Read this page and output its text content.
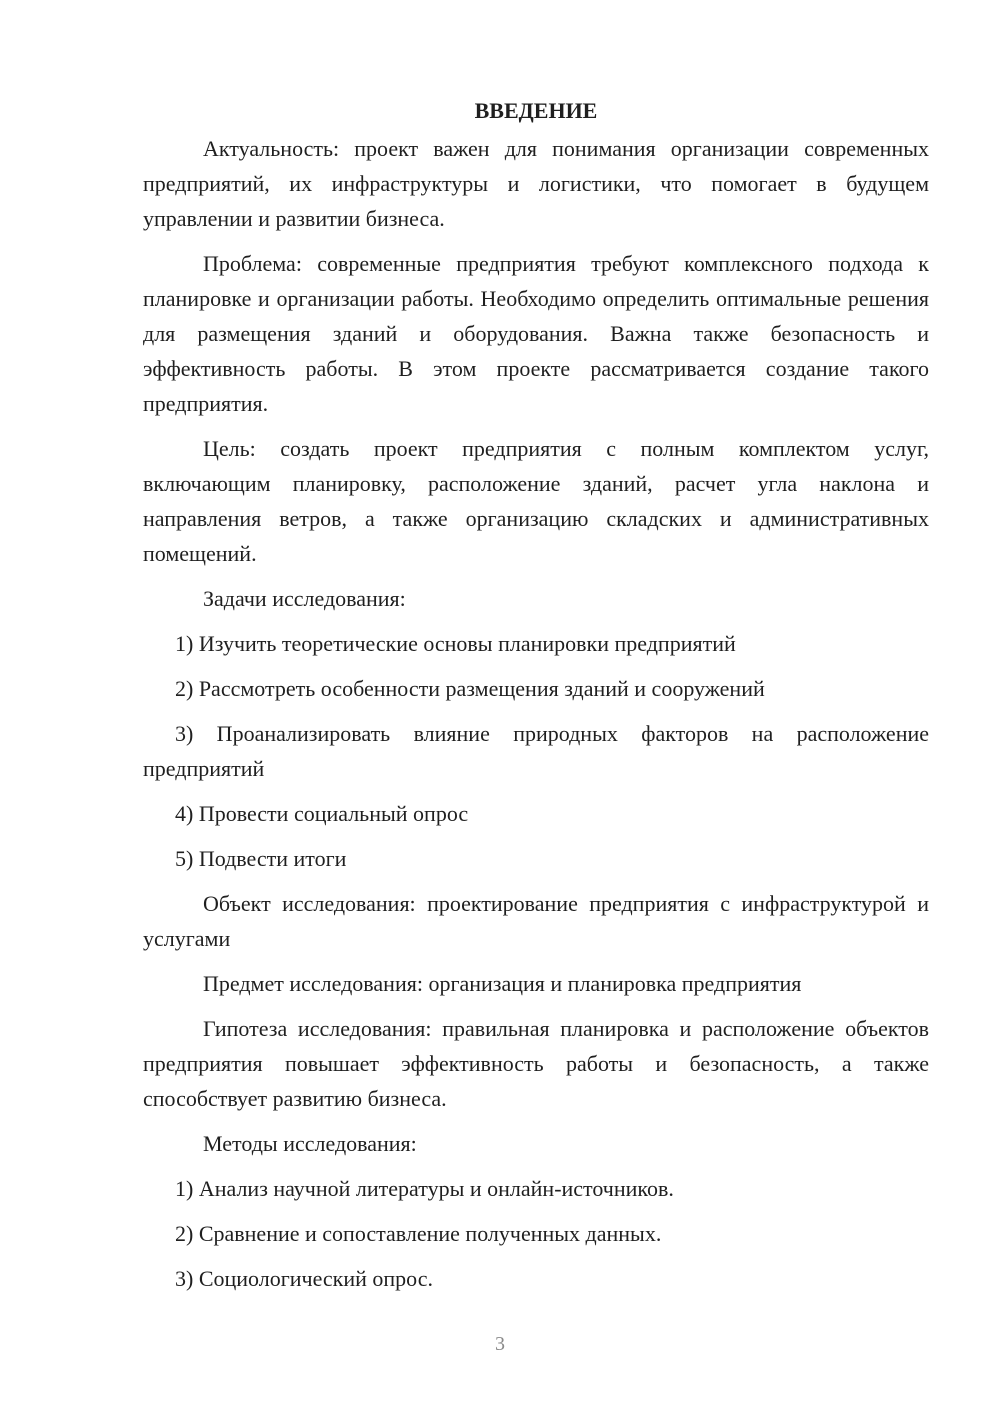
ВВЕДЕНИЕ

Актуальность: проект важен для понимания организации современных предприятий, их инфраструктуры и логистики, что помогает в будущем управлении и развитии бизнеса.

Проблема: современные предприятия требуют комплексного подхода к планировке и организации работы. Необходимо определить оптимальные решения для размещения зданий и оборудования. Важна также безопасность и эффективность работы. В этом проекте рассматривается создание такого предприятия.

Цель: создать проект предприятия с полным комплектом услуг, включающим планировку, расположение зданий, расчет угла наклона и направления ветров, а также организацию складских и административных помещений.

Задачи исследования:

1) Изучить теоретические основы планировки предприятий

2) Рассмотреть особенности размещения зданий и сооружений

3) Проанализировать влияние природных факторов на расположение предприятий

4) Провести социальный опрос

5) Подвести итоги

Объект исследования: проектирование предприятия с инфраструктурой и услугами

Предмет исследования: организация и планировка предприятия

Гипотеза исследования: правильная планировка и расположение объектов предприятия повышает эффективность работы и безопасность, а также способствует развитию бизнеса.

Методы исследования:

1) Анализ научной литературы и онлайн-источников.

2) Сравнение и сопоставление полученных данных.

3) Социологический опрос.

3
